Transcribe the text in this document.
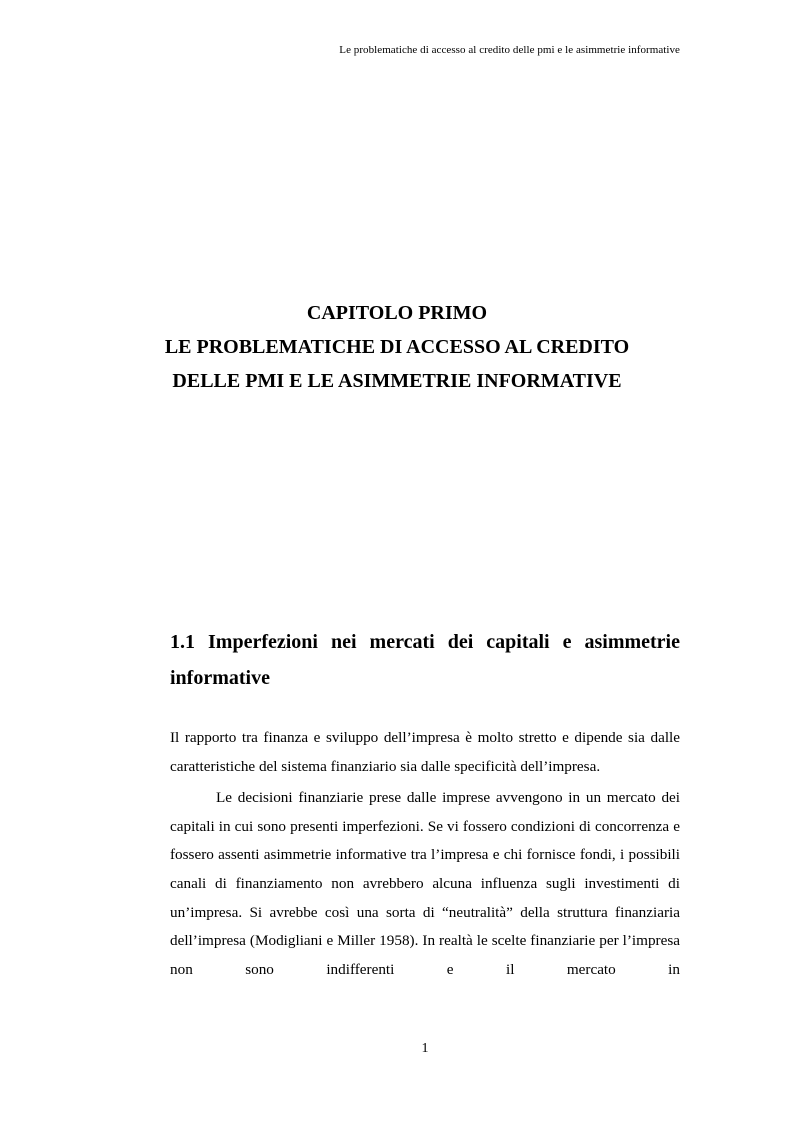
Le problematiche di accesso al credito delle pmi e le asimmetrie informative
CAPITOLO PRIMO
LE PROBLEMATICHE DI ACCESSO AL CREDITO
DELLE PMI E LE ASIMMETRIE INFORMATIVE
1.1 Imperfezioni nei mercati dei capitali e asimmetrie informative

Il rapporto tra finanza e sviluppo dell’impresa è molto stretto e dipende sia dalle caratteristiche del sistema finanziario sia dalle specificità dell’impresa.

Le decisioni finanziarie prese dalle imprese avvengono in un mercato dei capitali in cui sono presenti imperfezioni. Se vi fossero condizioni di concorrenza e fossero assenti asimmetrie informative tra l’impresa e chi fornisce fondi, i possibili canali di finanziamento non avrebbero alcuna influenza sugli investimenti di un’impresa. Si avrebbe così una sorta di “neutralità” della struttura finanziaria dell’impresa (Modigliani e Miller 1958). In realtà le scelte finanziarie per l’impresa non sono indifferenti e il mercato in

1
